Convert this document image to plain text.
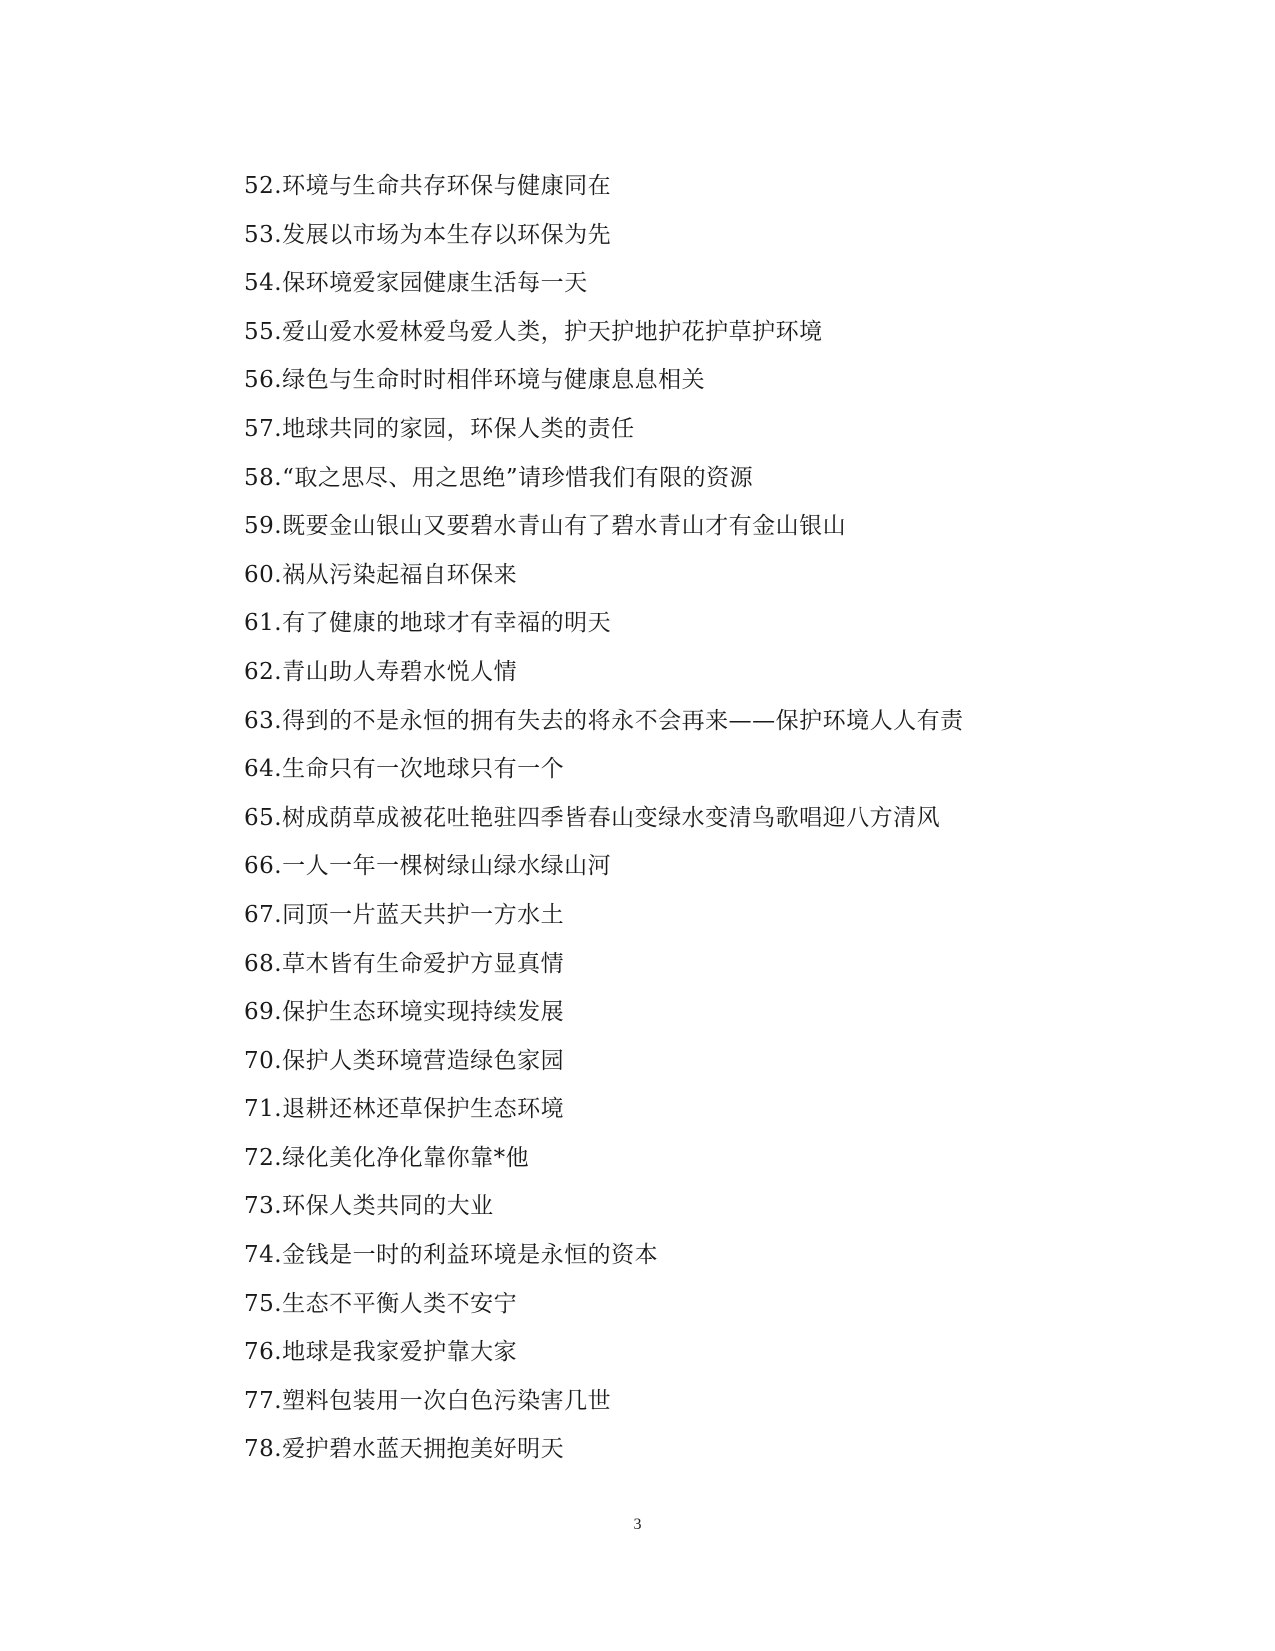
52.环境与生命共存环保与健康同在
53.发展以市场为本生存以环保为先
54.保环境爱家园健康生活每一天
55.爱山爱水爱林爱鸟爱人类，护天护地护花护草护环境
56.绿色与生命时时相伴环境与健康息息相关
57.地球共同的家园，环保人类的责任
58.“取之思尽、用之思绝”请珍惜我们有限的资源
59.既要金山银山又要碧水青山有了碧水青山才有金山银山
60.祸从污染起福自环保来
61.有了健康的地球才有幸福的明天
62.青山助人寿碧水悦人情
63.得到的不是永恒的拥有失去的将永不会再来——保护环境人人有责
64.生命只有一次地球只有一个
65.树成荫草成被花吐艳驻四季皆春山变绿水变清鸟歌唱迎八方清风
66.一人一年一棵树绿山绿水绿山河
67.同顶一片蓝天共护一方水土
68.草木皆有生命爱护方显真情
69.保护生态环境实现持续发展
70.保护人类环境营造绿色家园
71.退耕还林还草保护生态环境
72.绿化美化净化靠你靠*他
73.环保人类共同的大业
74.金钱是一时的利益环境是永恒的资本
75.生态不平衡人类不安宁
76.地球是我家爱护靠大家
77.塑料包装用一次白色污染害几世
78.爱护碧水蓝天拥抱美好明天
3
